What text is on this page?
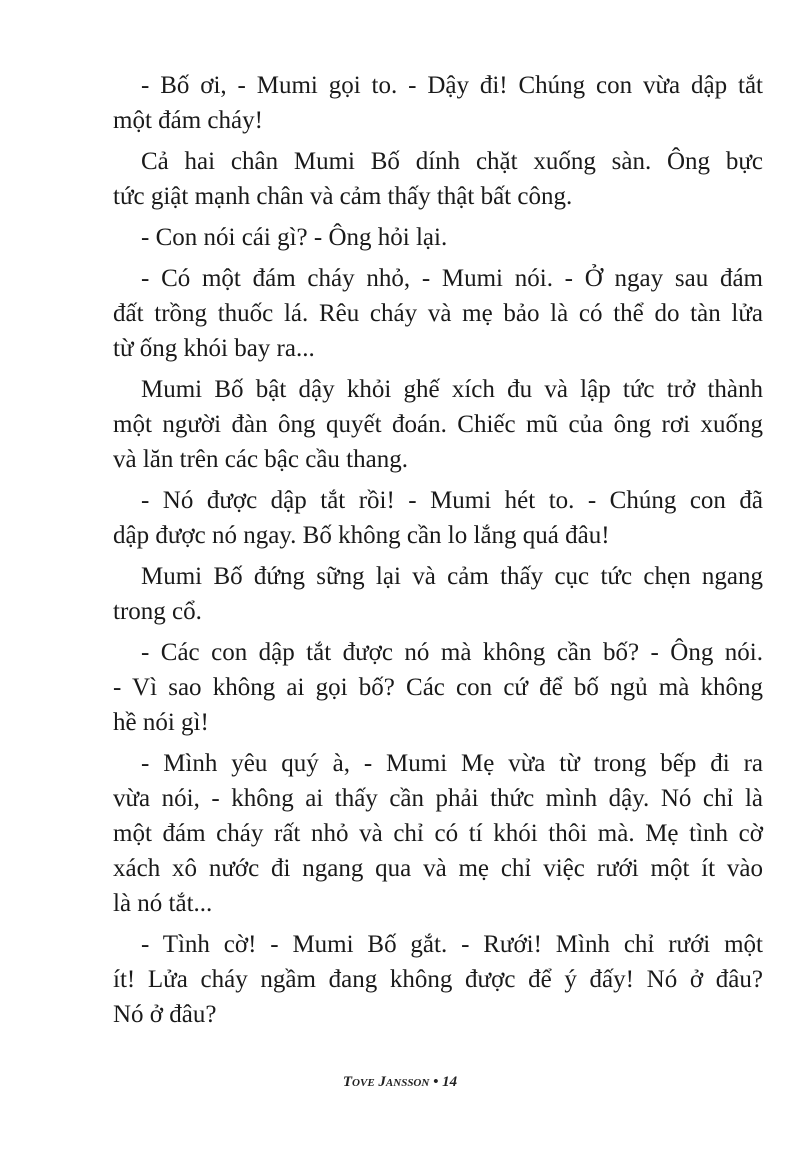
- Bố ơi, - Mumi gọi to. - Dậy đi! Chúng con vừa dập tắt
một đám cháy!
Cả hai chân Mumi Bố dính chặt xuống sàn. Ông bực
tức giật mạnh chân và cảm thấy thật bất công.
- Con nói cái gì? - Ông hỏi lại.
- Có một đám cháy nhỏ, - Mumi nói. - Ở ngay sau đám
đất trồng thuốc lá. Rêu cháy và mẹ bảo là có thể do tàn lửa
từ ống khói bay ra...
Mumi Bố bật dậy khỏi ghế xích đu và lập tức trở thành
một người đàn ông quyết đoán. Chiếc mũ của ông rơi xuống
và lăn trên các bậc cầu thang.
- Nó được dập tắt rồi! - Mumi hét to. - Chúng con đã
dập được nó ngay. Bố không cần lo lắng quá đâu!
Mumi Bố đứng sững lại và cảm thấy cục tức chẹn ngang
trong cổ.
- Các con dập tắt được nó mà không cần bố? - Ông nói.
- Vì sao không ai gọi bố? Các con cứ để bố ngủ mà không
hề nói gì!
- Mình yêu quý à, - Mumi Mẹ vừa từ trong bếp đi ra
vừa nói, - không ai thấy cần phải thức mình dậy. Nó chỉ là
một đám cháy rất nhỏ và chỉ có tí khói thôi mà. Mẹ tình cờ
xách xô nước đi ngang qua và mẹ chỉ việc rưới một ít vào
là nó tắt...
- Tình cờ! - Mumi Bố gắt. - Rưới! Mình chỉ rưới một
ít! Lửa cháy ngầm đang không được để ý đấy! Nó ở đâu?
Nó ở đâu?
Tove Jansson • 14
